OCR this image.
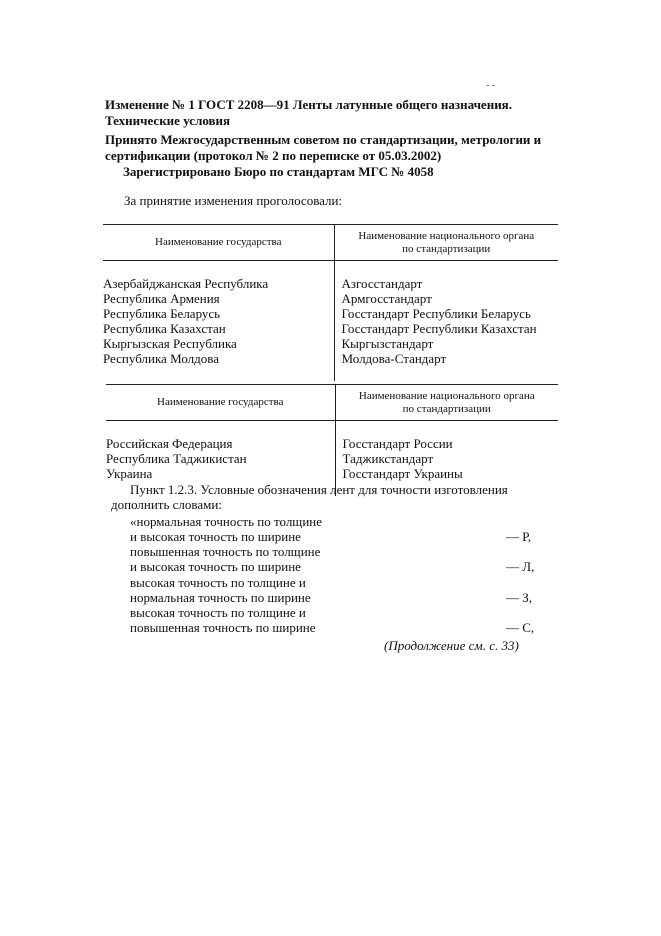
- -
Изменение № 1 ГОСТ 2208—91 Ленты латунные общего назначения. Технические условия
Принято Межгосударственным советом по стандартизации, метрологии и сертификации (протокол № 2 по переписке от 05.03.2002)
Зарегистрировано Бюро по стандартам МГС № 4058
За принятие изменения проголосовали:
Наименование государства	Наименование национального органа по стандартизации

Азербайджанская Республика	Азгосстандарт
Республика Армения	Армгосстандарт
Республика Беларусь	Госстандарт Республики Беларусь
Республика Казахстан	Госстандарт Республики Казахстан
Кыргызская Республика	Кыргызстандарт
Республика Молдова	Молдова-Стандарт

Наименование государства	Наименование национального органа по стандартизации

Российская Федерация	Госстандарт России
Республика Таджикистан	Таджикстандарт
Украина	Госстандарт Украины

Пункт 1.2.3. Условные обозначения лент для точности изготовления
дополнить словами:
«нормальная точность по толщине
и высокая точность по ширине	— Р,
повышенная точность по толщине
и высокая точность по ширине	— Л,
высокая точность по толщине и
нормальная точность по ширине	— З,
высокая точность по толщине и
повышенная точность по ширине	— С,
(Продолжение см. с. 33)
